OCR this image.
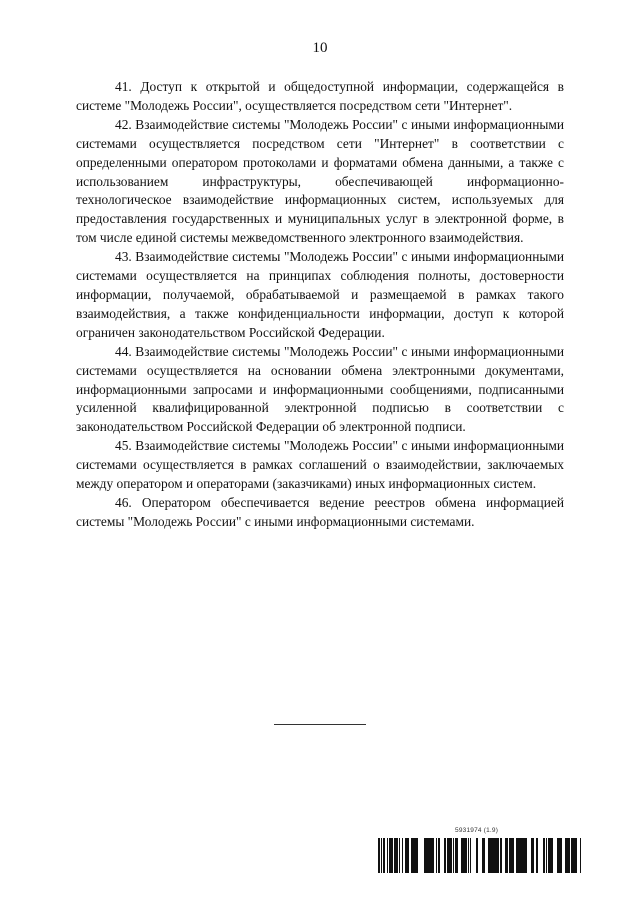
10

41. Доступ к открытой и общедоступной информации, содержащейся в системе "Молодежь России", осуществляется посредством сети "Интернет".

42. Взаимодействие системы "Молодежь России" с иными информационными системами осуществляется посредством сети "Интернет" в соответствии с определенными оператором протоколами и форматами обмена данными, а также с использованием инфраструктуры, обеспечивающей информационно-технологическое взаимодействие информационных систем, используемых для предоставления государственных и муниципальных услуг в электронной форме, в том числе единой системы межведомственного электронного взаимодействия.

43. Взаимодействие системы "Молодежь России" с иными информационными системами осуществляется на принципах соблюдения полноты, достоверности информации, получаемой, обрабатываемой и размещаемой в рамках такого взаимодействия, а также конфиденциальности информации, доступ к которой ограничен законодательством Российской Федерации.

44. Взаимодействие системы "Молодежь России" с иными информационными системами осуществляется на основании обмена электронными документами, информационными запросами и информационными сообщениями, подписанными усиленной квалифицированной электронной подписью в соответствии с законодательством Российской Федерации об электронной подписи.

45. Взаимодействие системы "Молодежь России" с иными информационными системами осуществляется в рамках соглашений о взаимодействии, заключаемых между оператором и операторами (заказчиками) иных информационных систем.

46. Оператором обеспечивается ведение реестров обмена информацией системы "Молодежь России" с иными информационными системами.

5931974 (1.9)
